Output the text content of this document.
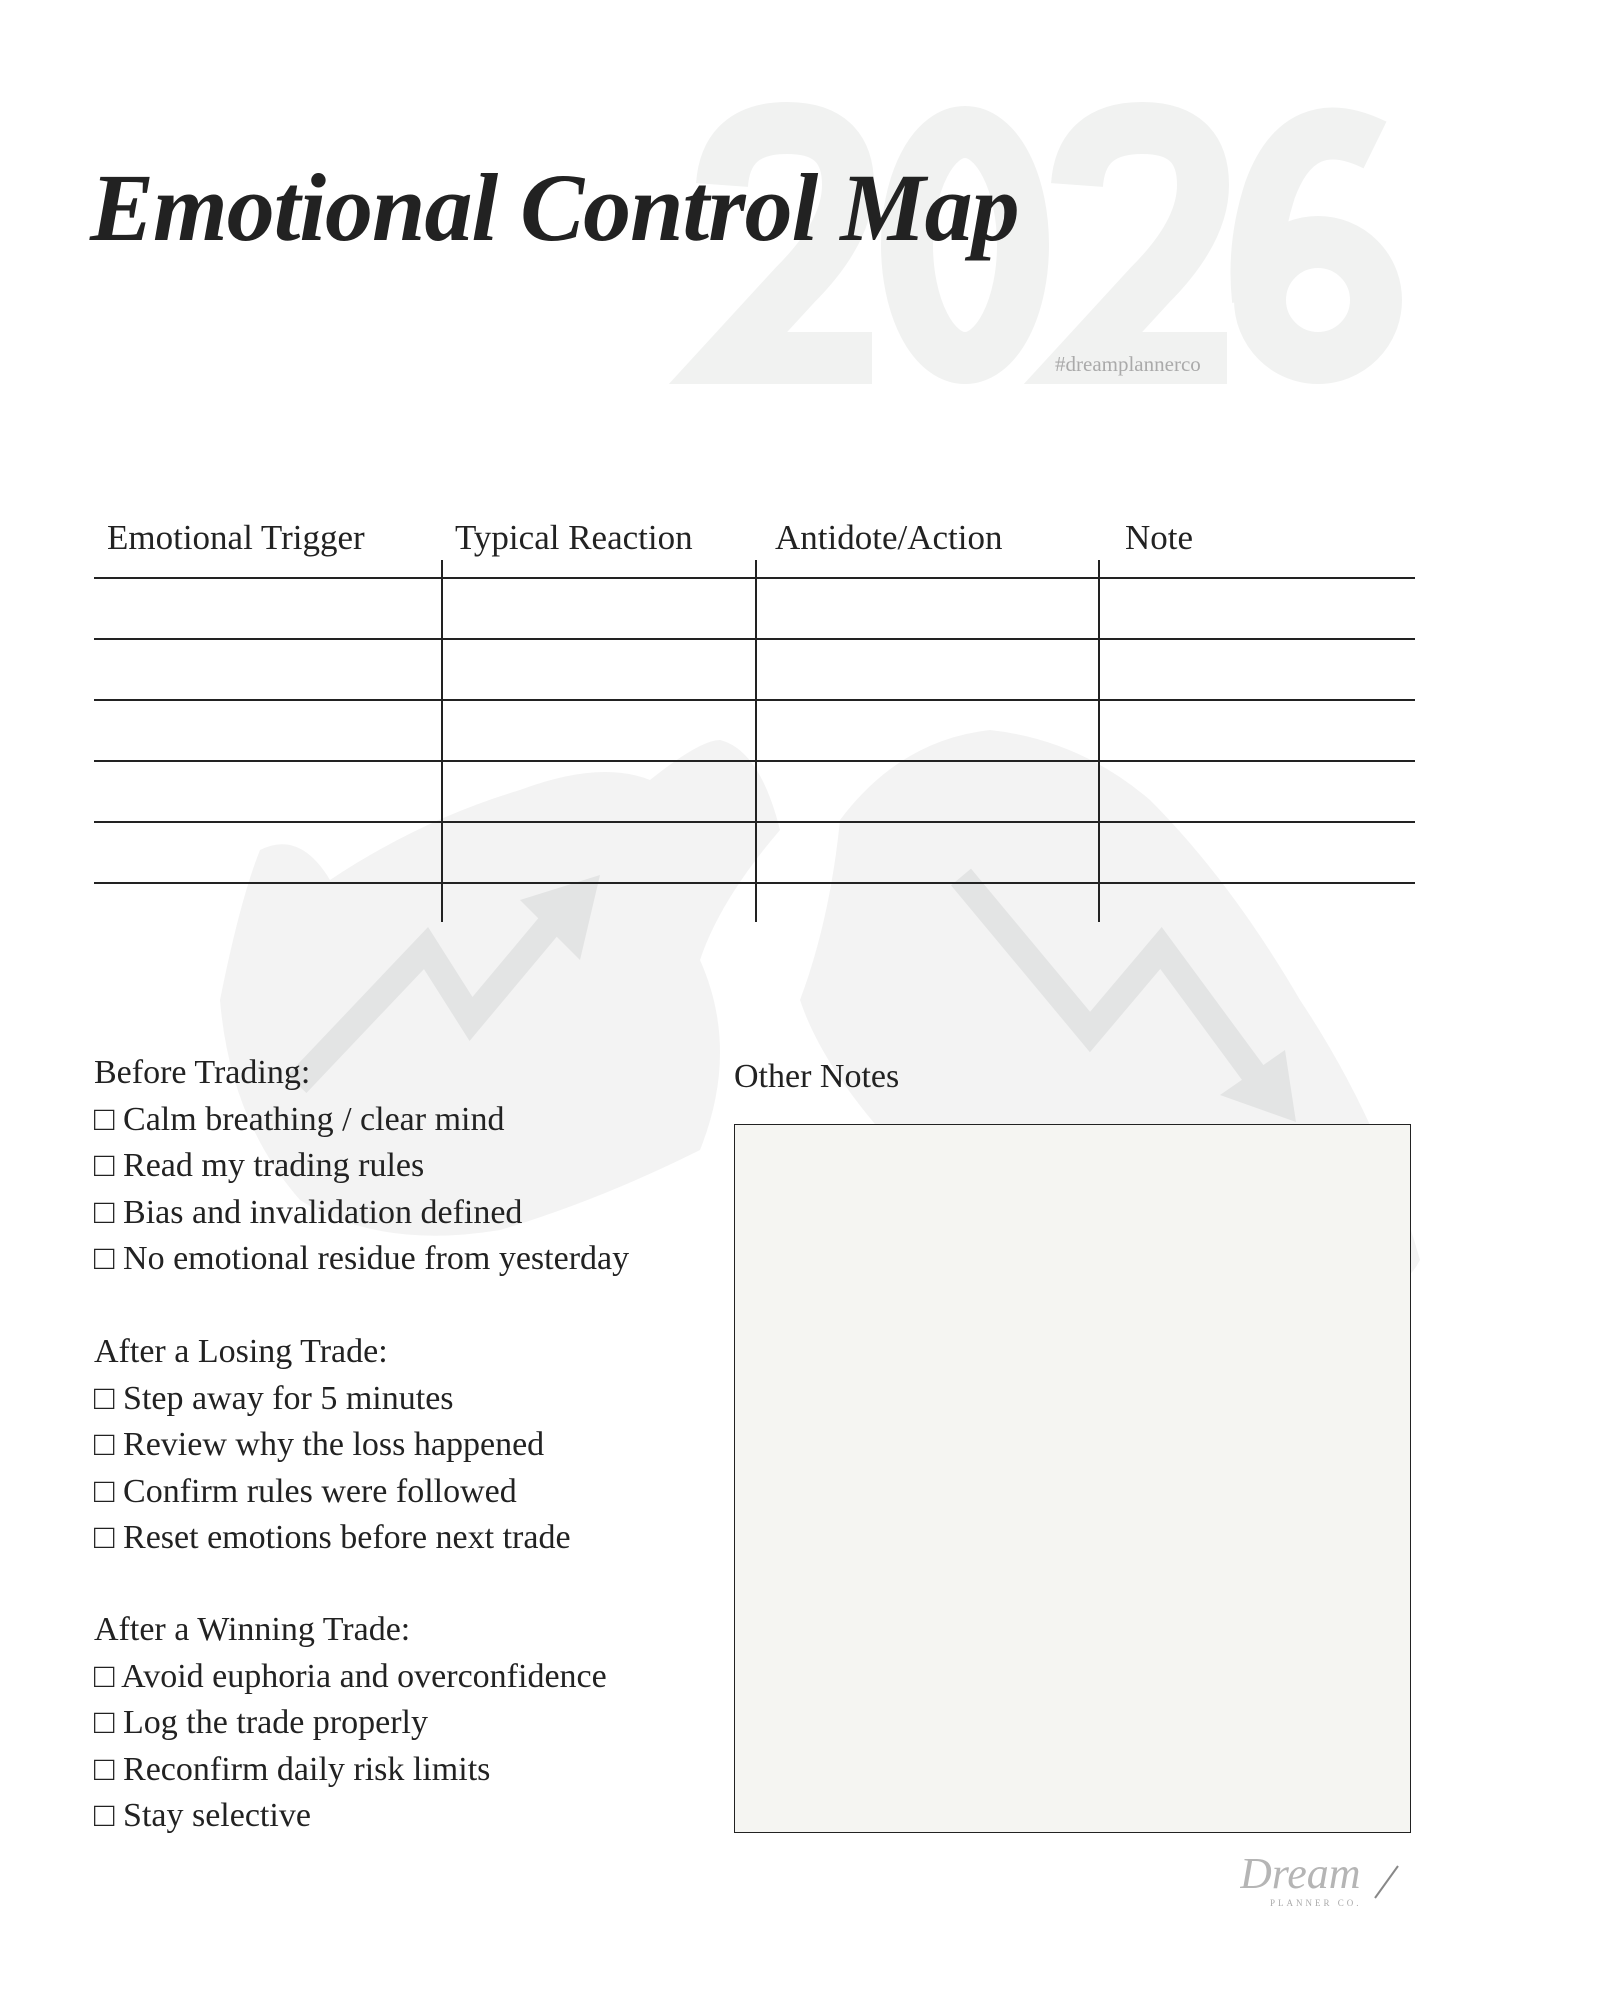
Emotional Control Map
#dreamplannerco
Emotional Trigger	Typical Reaction Antidote/Action	Note
Before Trading:
□ Calm breathing / clear mind
□ Read my trading rules
□ Bias and invalidation defined
□ No emotional residue from yesterday
After a Losing Trade:
□ Step away for 5 minutes
□ Review why the loss happened
□ Confirm rules were followed
□ Reset emotions before next trade
After a Winning Trade:
□ Avoid euphoria and overconfidence
□ Log the trade properly
□ Reconfirm daily risk limits
□ Stay selective
Other Notes
Dream
PLANNER CO.
